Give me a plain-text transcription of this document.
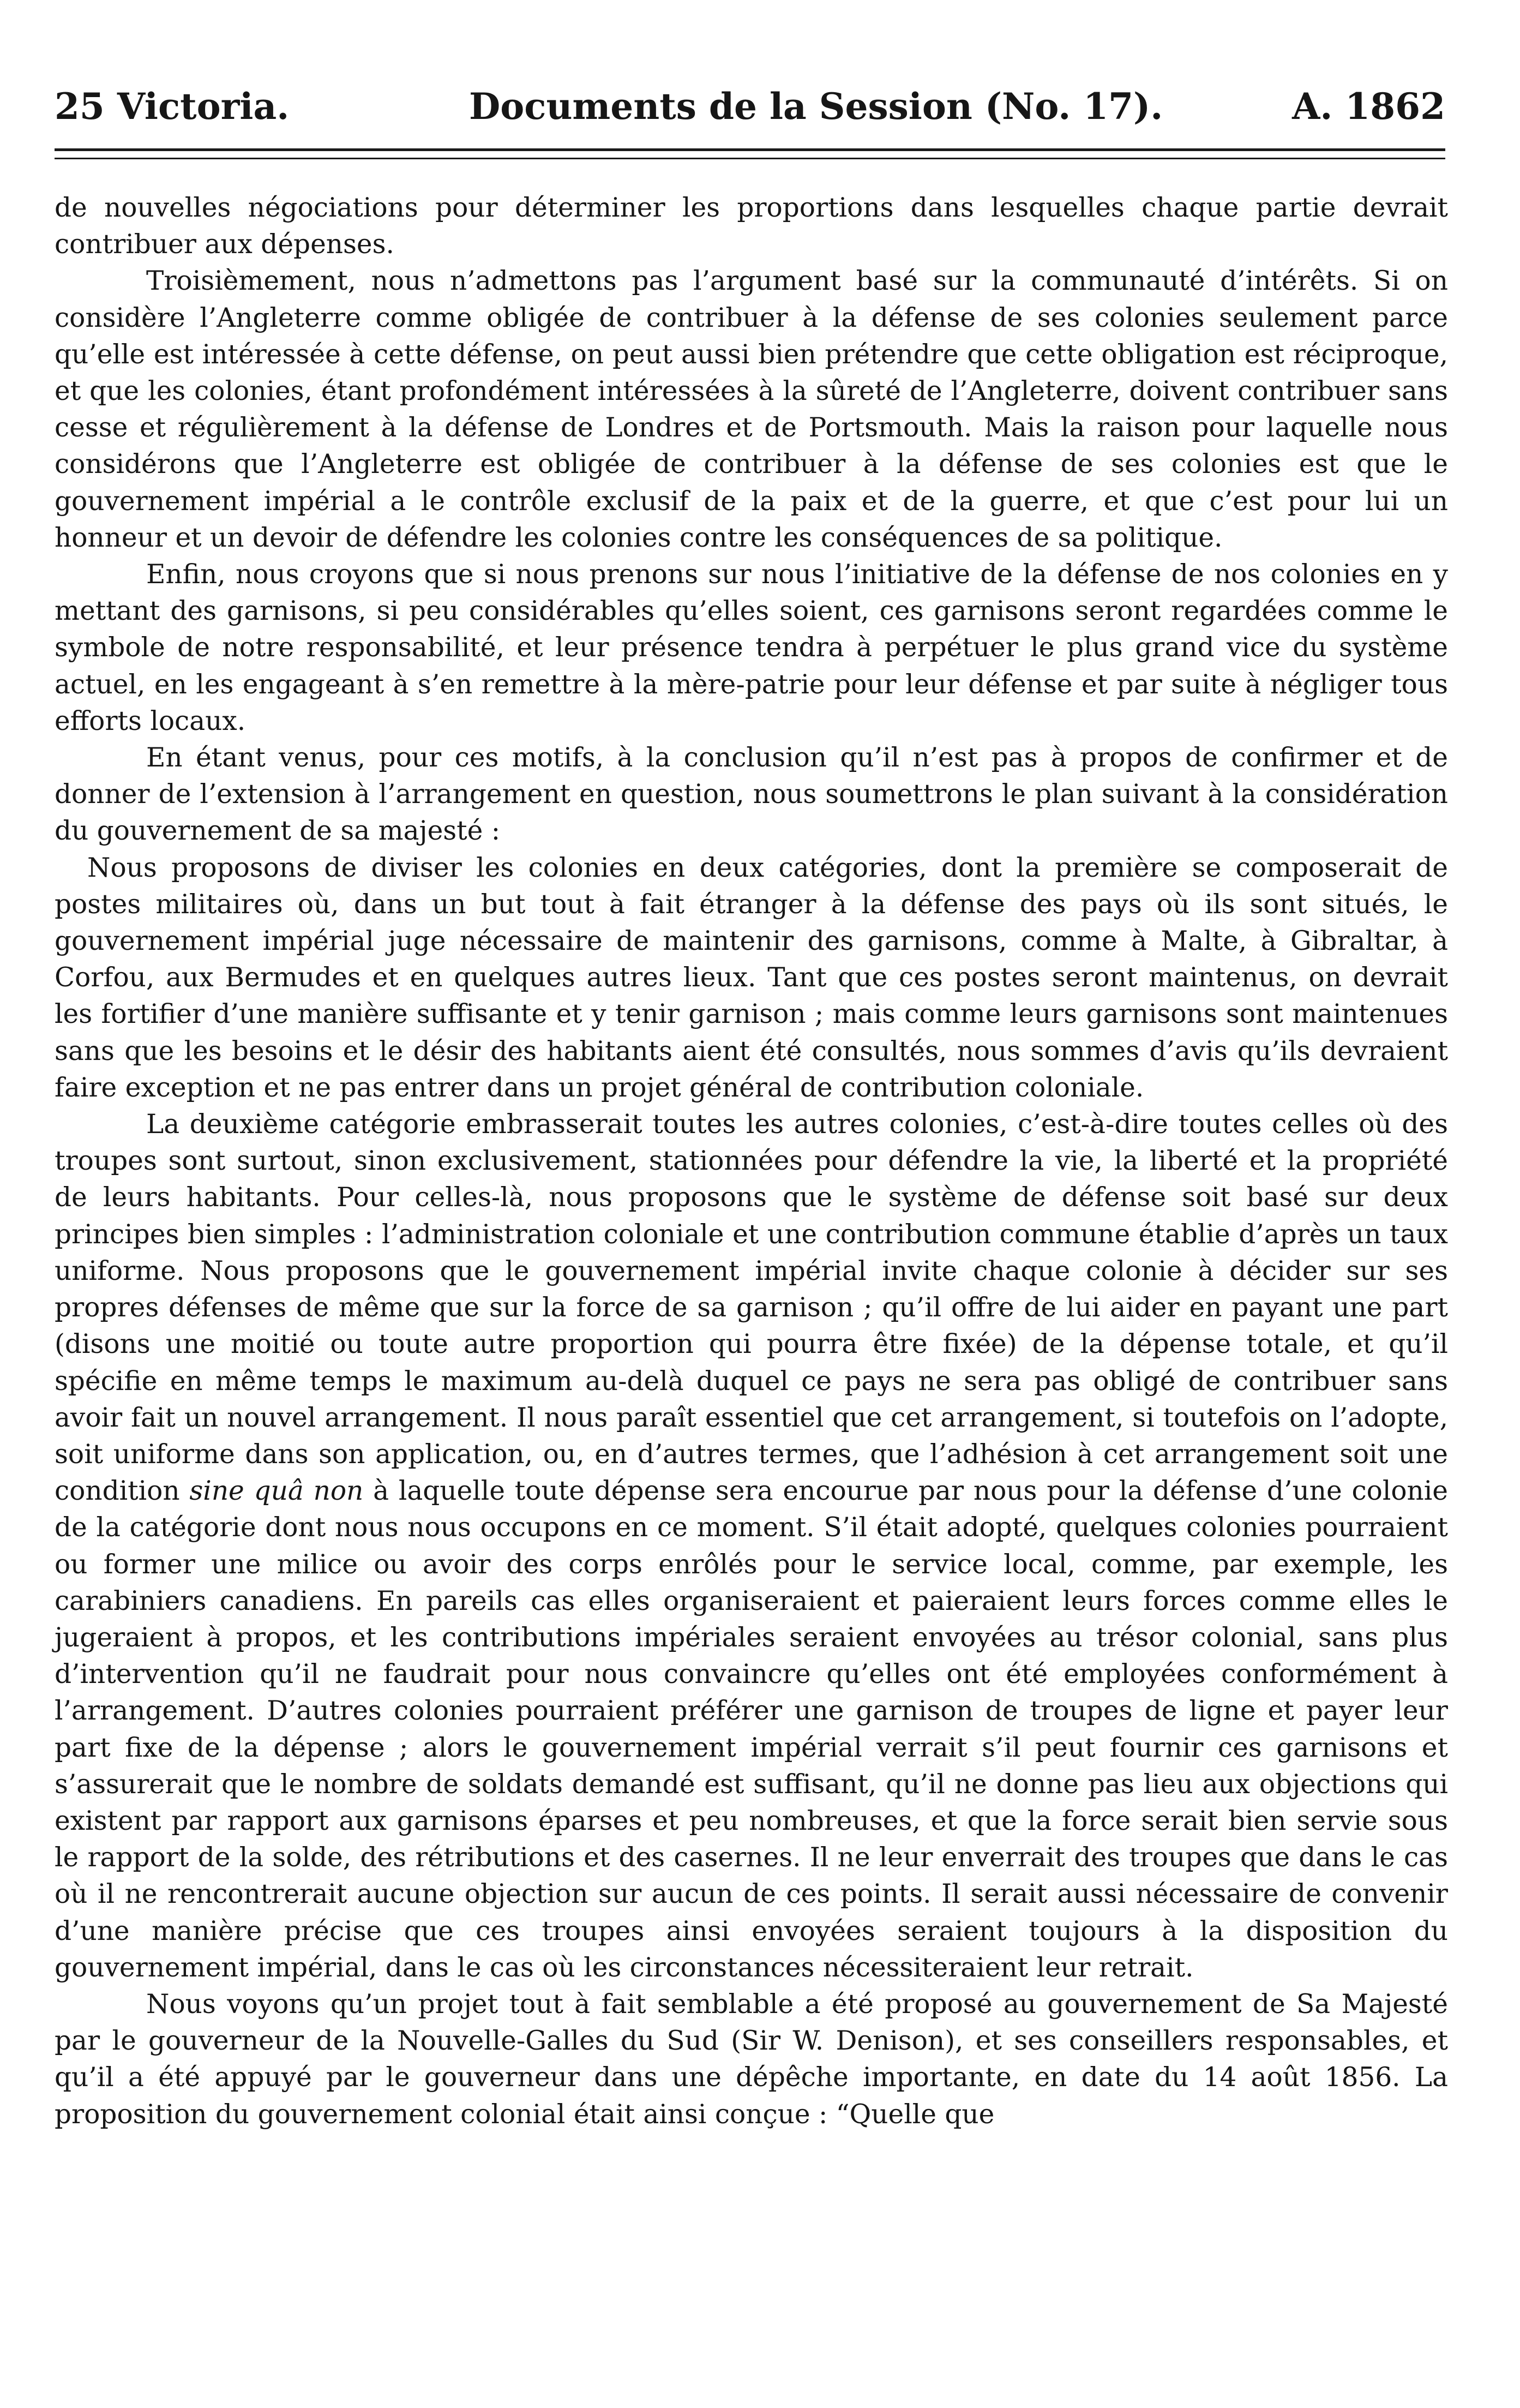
25 Victoria.	Documents de la Session (No. 17).	A. 1862

de nouvelles négociations pour déterminer les proportions dans lesquelles chaque partie devrait contribuer aux dépenses.

Troisièmement, nous n’admettons pas l’argument basé sur la communauté d’intérêts. Si on considère l’Angleterre comme obligée de contribuer à la défense de ses colonies seulement parce qu’elle est intéressée à cette défense, on peut aussi bien prétendre que cette obligation est réciproque, et que les colonies, étant profondément intéressées à la sûreté de l’Angleterre, doivent contribuer sans cesse et régulièrement à la défense de Londres et de Portsmouth. Mais la raison pour laquelle nous considérons que l’Angleterre est obligée de contribuer à la défense de ses colonies est que le gouvernement impérial a le contrôle exclusif de la paix et de la guerre, et que c’est pour lui un honneur et un devoir de défendre les colonies contre les conséquences de sa politique.

Enfin, nous croyons que si nous prenons sur nous l’initiative de la défense de nos colonies en y mettant des garnisons, si peu considérables qu’elles soient, ces garnisons seront regardées comme le symbole de notre responsabilité, et leur présence tendra à perpétuer le plus grand vice du système actuel, en les engageant à s’en remettre à la mère-patrie pour leur défense et par suite à négliger tous efforts locaux.

En étant venus, pour ces motifs, à la conclusion qu’il n’est pas à propos de confirmer et de donner de l’extension à l’arrangement en question, nous soumettrons le plan suivant à la considération du gouvernement de sa majesté :

Nous proposons de diviser les colonies en deux catégories, dont la première se composerait de postes militaires où, dans un but tout à fait étranger à la défense des pays où ils sont situés, le gouvernement impérial juge nécessaire de maintenir des garnisons, comme à Malte, à Gibraltar, à Corfou, aux Bermudes et en quelques autres lieux. Tant que ces postes seront maintenus, on devrait les fortifier d’une manière suffisante et y tenir garnison ; mais comme leurs garnisons sont maintenues sans que les besoins et le désir des habitants aient été consultés, nous sommes d’avis qu’ils devraient faire exception et ne pas entrer dans un projet général de contribution coloniale.

La deuxième catégorie embrasserait toutes les autres colonies, c’est-à-dire toutes celles où des troupes sont surtout, sinon exclusivement, stationnées pour défendre la vie, la liberté et la propriété de leurs habitants. Pour celles-là, nous proposons que le système de défense soit basé sur deux principes bien simples : l’administration coloniale et une contribution commune établie d’après un taux uniforme. Nous proposons que le gouvernement impérial invite chaque colonie à décider sur ses propres défenses de même que sur la force de sa garnison ; qu’il offre de lui aider en payant une part (disons une moitié ou toute autre proportion qui pourra être fixée) de la dépense totale, et qu’il spécifie en même temps le maximum au-delà duquel ce pays ne sera pas obligé de contribuer sans avoir fait un nouvel arrangement. Il nous paraît essentiel que cet arrangement, si toutefois on l’adopte, soit uniforme dans son application, ou, en d’autres termes, que l’adhésion à cet arrangement soit une condition sine quâ non à laquelle toute dépense sera encourue par nous pour la défense d’une colonie de la catégorie dont nous nous occupons en ce moment. S’il était adopté, quelques colonies pourraient ou former une milice ou avoir des corps enrôlés pour le service local, comme, par exemple, les carabiniers canadiens. En pareils cas elles organiseraient et paieraient leurs forces comme elles le jugeraient à propos, et les contributions impériales seraient envoyées au trésor colonial, sans plus d’intervention qu’il ne faudrait pour nous convaincre qu’elles ont été employées conformément à l’arrangement. D’autres colonies pourraient préférer une garnison de troupes de ligne et payer leur part fixe de la dépense ; alors le gouvernement impérial verrait s’il peut fournir ces garnisons et s’assurerait que le nombre de soldats demandé est suffisant, qu’il ne donne pas lieu aux objections qui existent par rapport aux garnisons éparses et peu nombreuses, et que la force serait bien servie sous le rapport de la solde, des rétributions et des casernes. Il ne leur enverrait des troupes que dans le cas où il ne rencontrerait aucune objection sur aucun de ces points. Il serait aussi nécessaire de convenir d’une manière précise que ces troupes ainsi envoyées seraient toujours à la disposition du gouvernement impérial, dans le cas où les circonstances nécessiteraient leur retrait.

Nous voyons qu’un projet tout à fait semblable a été proposé au gouvernement de Sa Majesté par le gouverneur de la Nouvelle-Galles du Sud (Sir W. Denison), et ses conseillers responsables, et qu’il a été appuyé par le gouverneur dans une dépêche importante, en date du 14 août 1856. La proposition du gouvernement colonial était ainsi conçue : “Quelle que
